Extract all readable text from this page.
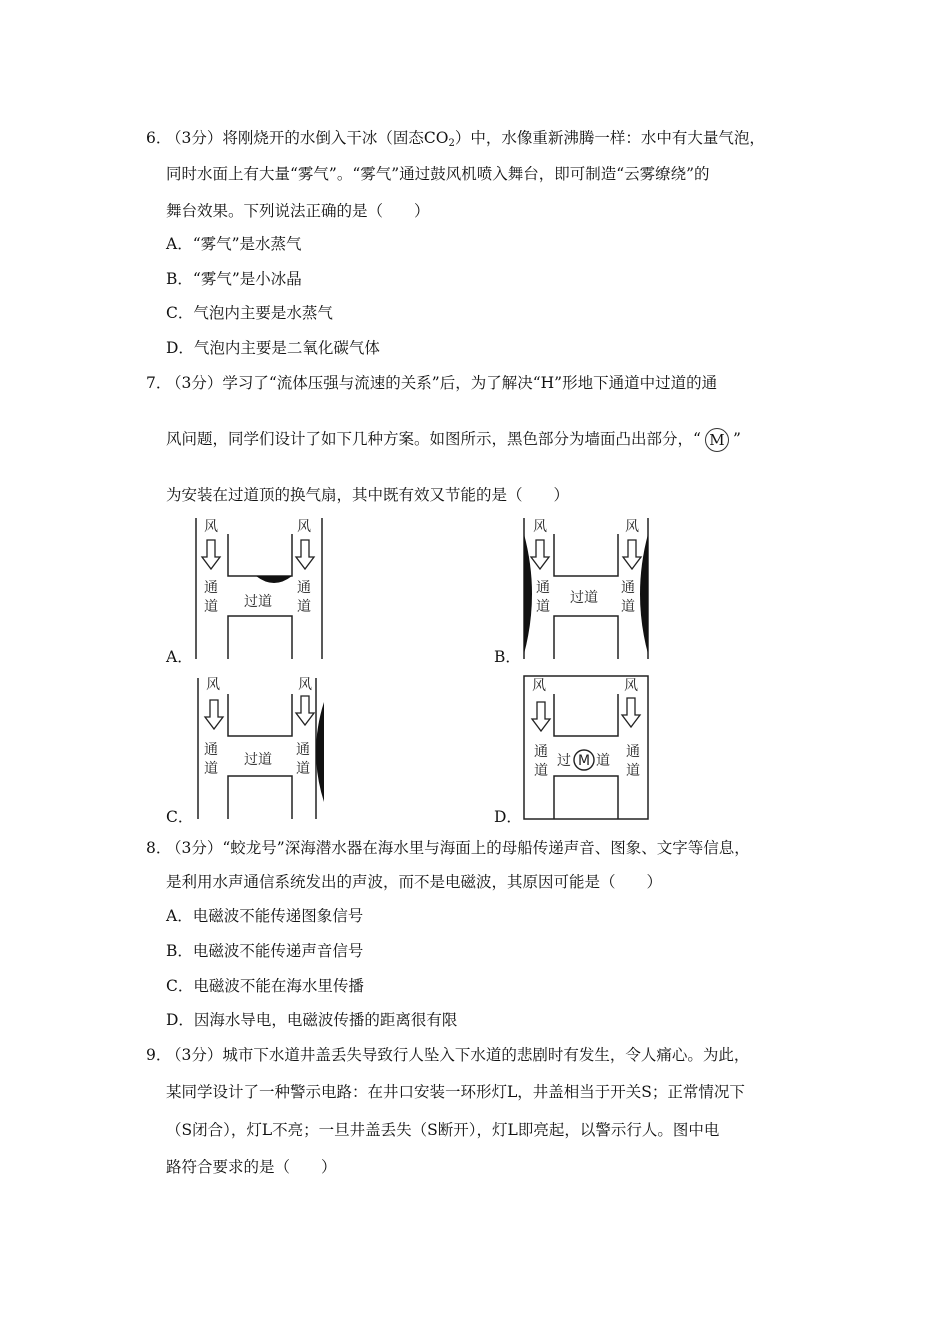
6．
（3分）将刚烧开的水倒入干冰（固态$CO_2$）中，水像重新沸腾一样：水中有大量气泡，
同时水面上有大量“雾气”。“雾气”通过鼓风机喷入舞台，即可制造“云雾缭绕”的
舞台效果。下列说法正确的是（　　）
A．“雾气”是水蒸气
B．“雾气”是小冰晶
C．气泡内主要是水蒸气
D．气泡内主要是二氧化碳气体
7．
（3分）学习了“流体压强与流速的关系”后，为了解决“H”形地下通道中过道的通
风问题，同学们设计了如下几种方案。如图所示，黑色部分为墙面凸出部分，“ M ”
为安装在过道顶的换气扇，其中既有效又节能的是（　　）
A．	B．
C．	D．
风	风
通
道
通
道
过道
风	风
通
道
通
道
过道
风	风
通
道
通
道
过道
风	风
通
道
通
道
过 M 道
8．
（3分）“蛟龙号”深海潜水器在海水里与海面上的母船传递声音、图象、文字等信息，
是利用水声通信系统发出的声波，而不是电磁波，其原因可能是（　　）
A．电磁波不能传递图象信号
B．电磁波不能传递声音信号
C．电磁波不能在海水里传播
D．因海水导电，电磁波传播的距离很有限
9．
（3分）城市下水道井盖丢失导致行人坠入下水道的悲剧时有发生，令人痛心。为此，
某同学设计了一种警示电路：在井口安装一环形灯L，井盖相当于开关S；正常情况下
（S闭合），灯L不亮；一旦井盖丢失（S断开），灯L即亮起，以警示行人。图中电
路符合要求的是（　　）
